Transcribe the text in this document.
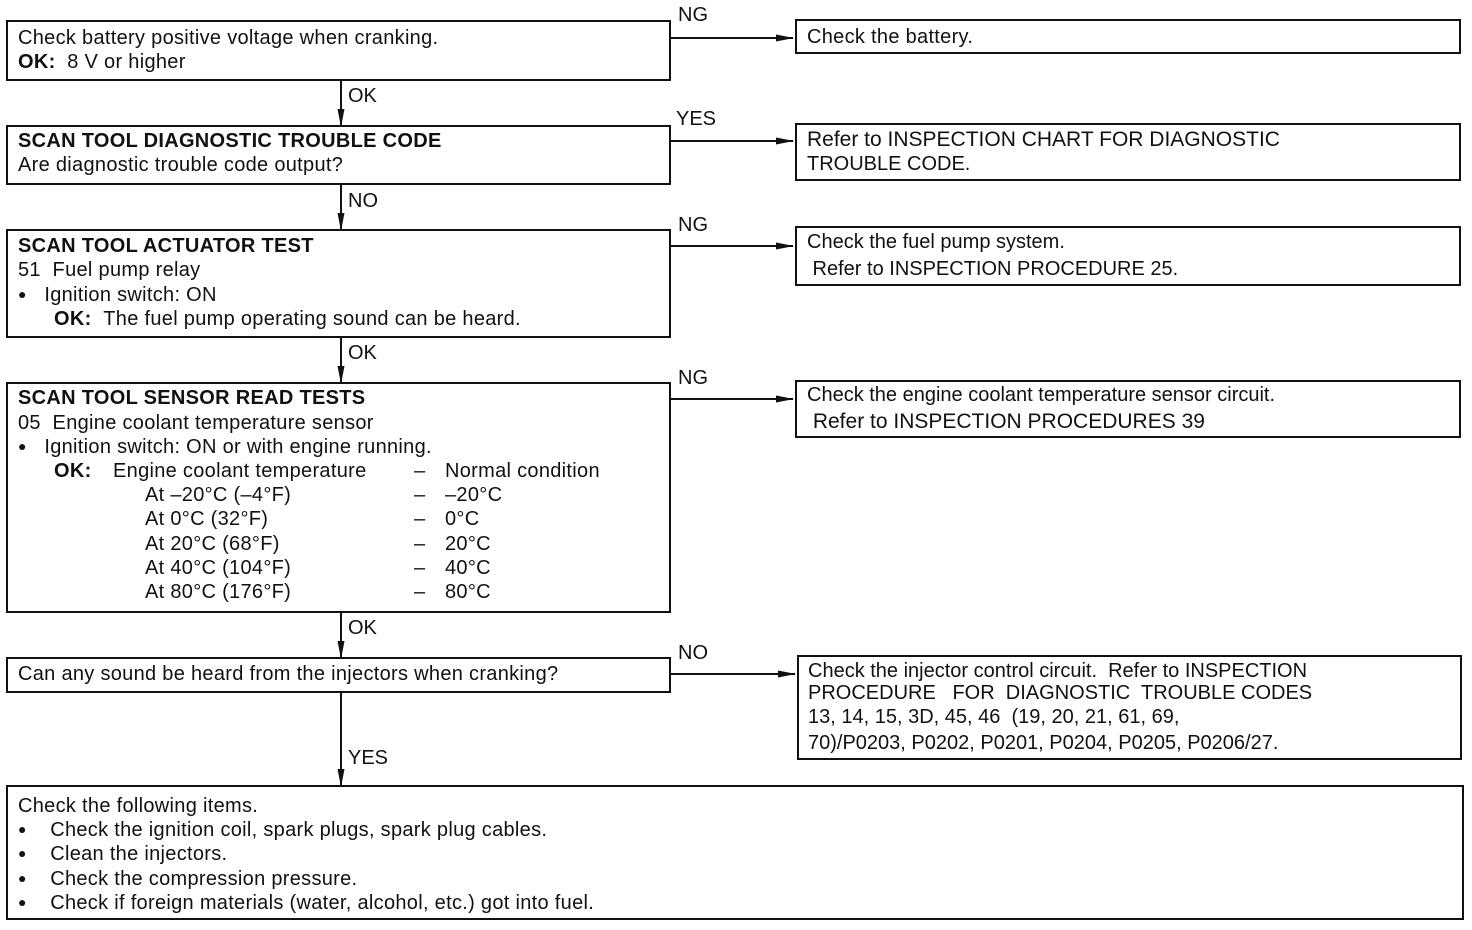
Check battery positive voltage when cranking.
OK: 8 V or higher
SCAN TOOL DIAGNOSTIC TROUBLE CODE
Are diagnostic trouble code output?
SCAN TOOL ACTUATOR TEST
51  Fuel pump relay
●    Ignition switch: ON
OK: The fuel pump operating sound can be heard.
SCAN TOOL SENSOR READ TESTS
05  Engine coolant temperature sensor
●    Ignition switch: ON or with engine running.
OK: Engine coolant temperature – Normal condition
At –20°C (–4°F)	– –20°C
At 0°C (32°F)	– 0°C
At 20°C (68°F)	– 20°C
At 40°C (104°F)	– 40°C
At 80°C (176°F)	– 80°C
Can any sound be heard from the injectors when cranking?
Check the following items.
●     Check the ignition coil, spark plugs, spark plug cables.
●     Clean the injectors.
●     Check the compression pressure.
●     Check if foreign materials (water, alcohol, etc.) got into fuel.
Check the battery.
Refer to INSPECTION CHART FOR DIAGNOSTIC
TROUBLE CODE.
Check the fuel pump system.
Refer to INSPECTION PROCEDURE 25.
Check the engine coolant temperature sensor circuit.
Refer to INSPECTION PROCEDURES 39
Check the injector control circuit.  Refer to INSPECTION
PROCEDURE   FOR  DIAGNOSTIC  TROUBLE CODES
13, 14, 15, 3D, 45, 46  (19, 20, 21, 61, 69,
70)/P0203, P0202, P0201, P0204, P0205, P0206/27.
NG
OK
YES
NO
NG
OK
NG
OK
NO
YES
